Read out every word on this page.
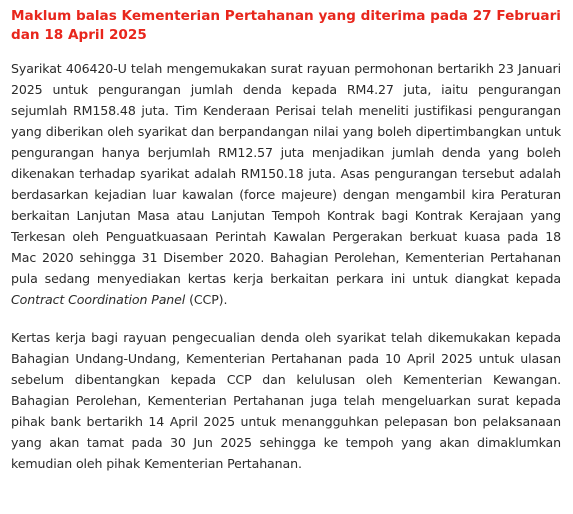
Maklum balas Kementerian Pertahanan yang diterima pada 27 Februari dan 18 April 2025

Syarikat 406420-U telah mengemukakan surat rayuan permohonan bertarikh 23 Januari 2025 untuk pengurangan jumlah denda kepada RM4.27 juta, iaitu pengurangan sejumlah RM158.48 juta. Tim Kenderaan Perisai telah meneliti justifikasi pengurangan yang diberikan oleh syarikat dan berpandangan nilai yang boleh dipertimbangkan untuk pengurangan hanya berjumlah RM12.57 juta menjadikan jumlah denda yang boleh dikenakan terhadap syarikat adalah RM150.18 juta. Asas pengurangan tersebut adalah berdasarkan kejadian luar kawalan (force majeure) dengan mengambil kira Peraturan berkaitan Lanjutan Masa atau Lanjutan Tempoh Kontrak bagi Kontrak Kerajaan yang Terkesan oleh Penguatkuasaan Perintah Kawalan Pergerakan berkuat kuasa pada 18 Mac 2020 sehingga 31 Disember 2020. Bahagian Perolehan, Kementerian Pertahanan pula sedang menyediakan kertas kerja berkaitan perkara ini untuk diangkat kepada Contract Coordination Panel (CCP).

Kertas kerja bagi rayuan pengecualian denda oleh syarikat telah dikemukakan kepada Bahagian Undang-Undang, Kementerian Pertahanan pada 10 April 2025 untuk ulasan sebelum dibentangkan kepada CCP dan kelulusan oleh Kementerian Kewangan. Bahagian Perolehan, Kementerian Pertahanan juga telah mengeluarkan surat kepada pihak bank bertarikh 14 April 2025 untuk menangguhkan pelepasan bon pelaksanaan yang akan tamat pada 30 Jun 2025 sehingga ke tempoh yang akan dimaklumkan kemudian oleh pihak Kementerian Pertahanan.
